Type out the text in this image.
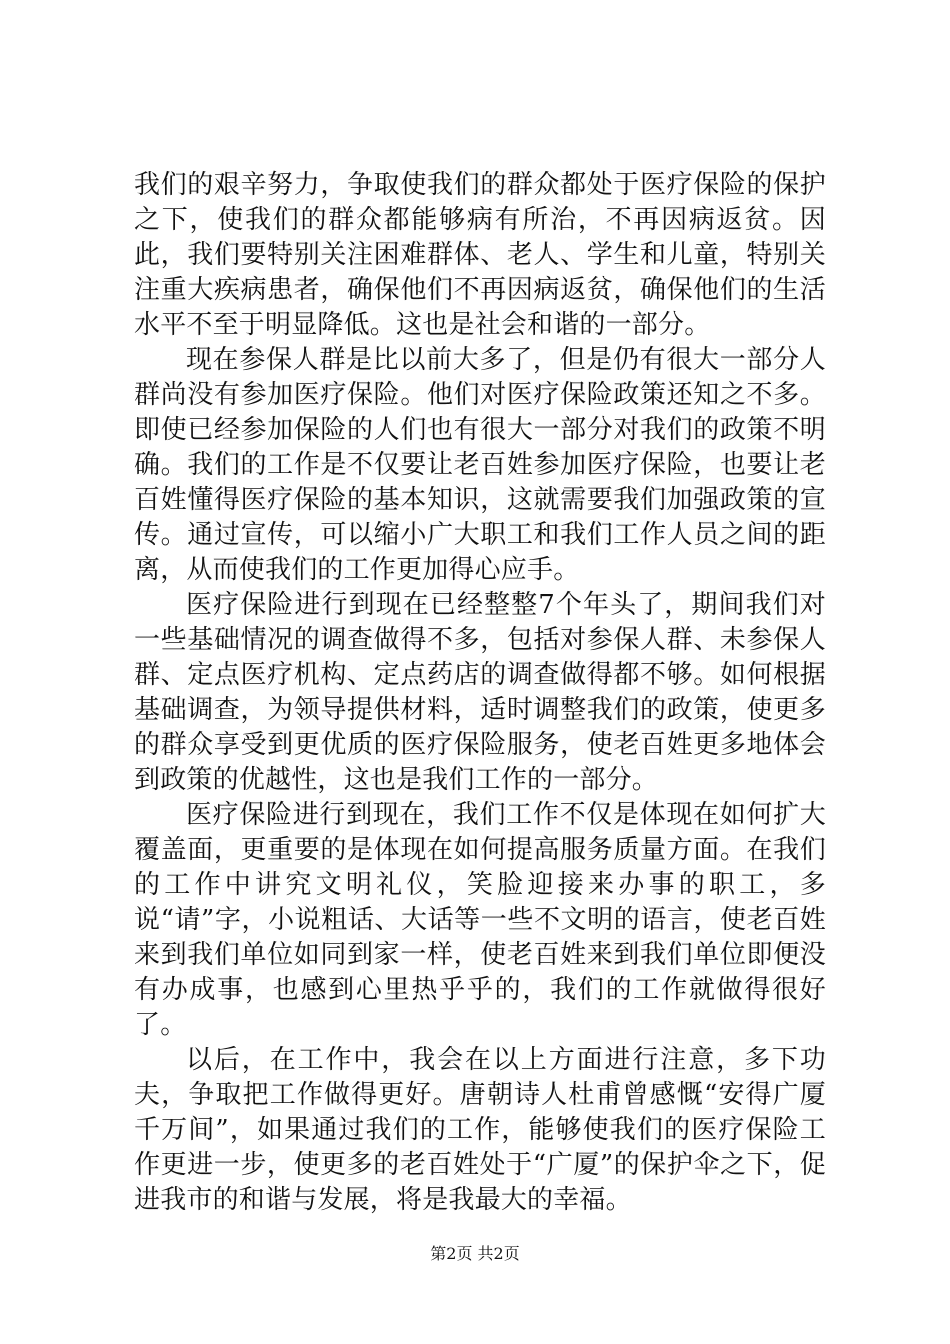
我们的艰辛努力，争取使我们的群众都处于医疗保险的保护之下，使我们的群众都能够病有所治，不再因病返贫。因此，我们要特别关注困难群体、老人、学生和儿童，特别关注重大疾病患者，确保他们不再因病返贫，确保他们的生活水平不至于明显降低。这也是社会和谐的一部分。

现在参保人群是比以前大多了，但是仍有很大一部分人群尚没有参加医疗保险。他们对医疗保险政策还知之不多。即使已经参加保险的人们也有很大一部分对我们的政策不明确。我们的工作是不仅要让老百姓参加医疗保险，也要让老百姓懂得医疗保险的基本知识，这就需要我们加强政策的宣传。通过宣传，可以缩小广大职工和我们工作人员之间的距离，从而使我们的工作更加得心应手。

医疗保险进行到现在已经整整7个年头了，期间我们对一些基础情况的调查做得不多，包括对参保人群、未参保人群、定点医疗机构、定点药店的调查做得都不够。如何根据基础调查，为领导提供材料，适时调整我们的政策，使更多的群众享受到更优质的医疗保险服务，使老百姓更多地体会到政策的优越性，这也是我们工作的一部分。

医疗保险进行到现在，我们工作不仅是体现在如何扩大覆盖面，更重要的是体现在如何提高服务质量方面。在我们的工作中讲究文明礼仪，笑脸迎接来办事的职工，多说“请”字，小说粗话、大话等一些不文明的语言，使老百姓来到我们单位如同到家一样，使老百姓来到我们单位即便没有办成事，也感到心里热乎乎的，我们的工作就做得很好了。

以后，在工作中，我会在以上方面进行注意，多下功夫，争取把工作做得更好。唐朝诗人杜甫曾感慨“安得广厦千万间”，如果通过我们的工作，能够使我们的医疗保险工作更进一步，使更多的老百姓处于“广厦”的保护伞之下，促进我市的和谐与发展，将是我最大的幸福。

第2页 共2页
